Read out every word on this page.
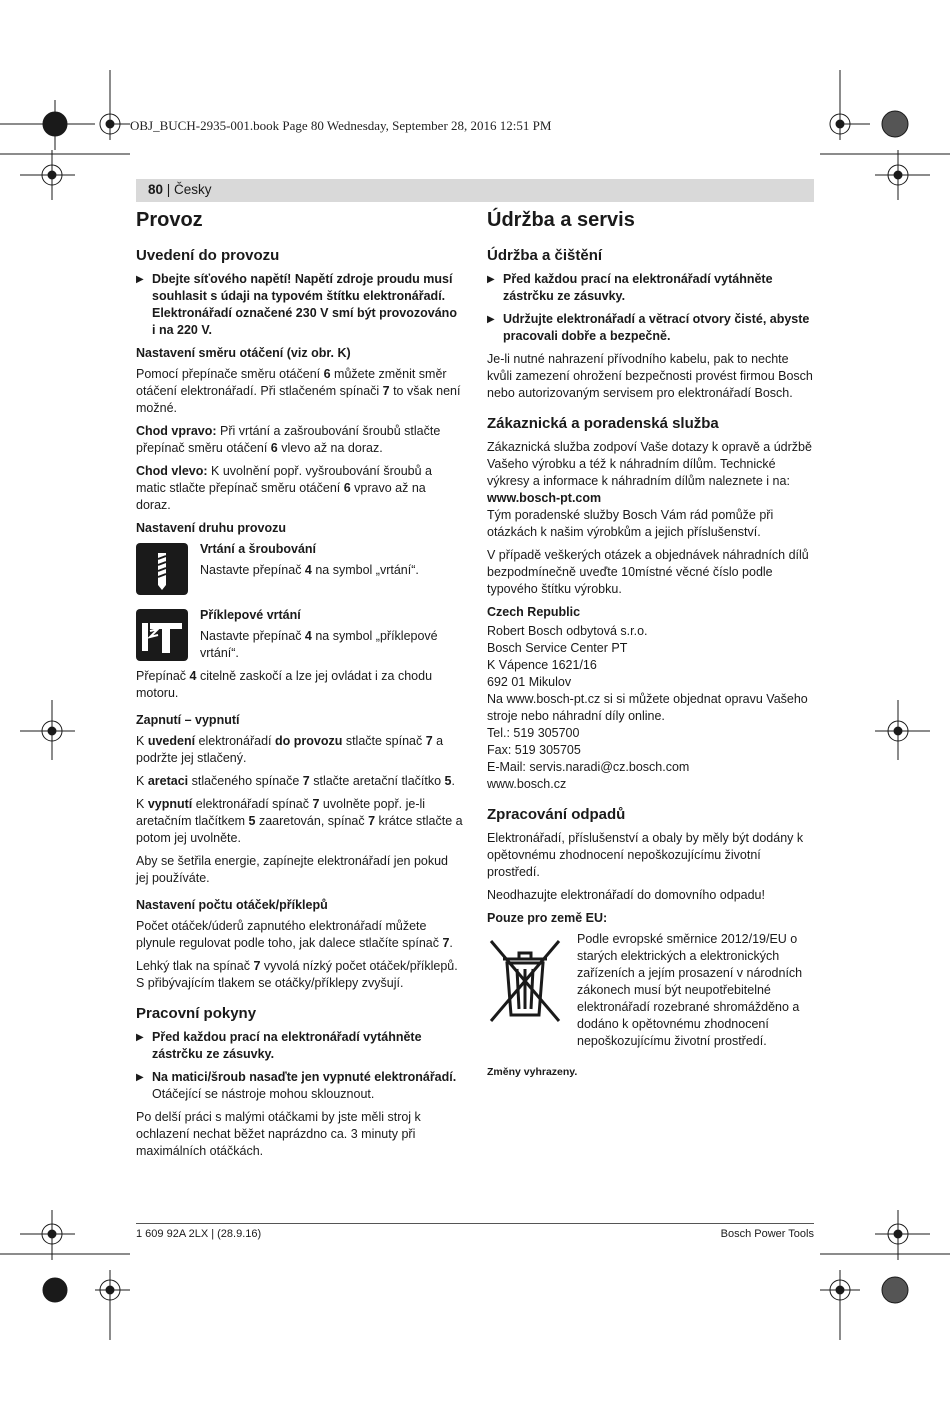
OBJ_BUCH-2935-001.book Page 80 Wednesday, September 28, 2016 12:51 PM
80 | Česky
Provoz
Uvedení do provozu
▶ Dbejte síťového napětí! Napětí zdroje proudu musí souhlasit s údaji na typovém štítku elektronářadí. Elektronářadí označené 230 V smí být provozováno i na 220 V.
Nastavení směru otáčení (viz obr. K)

Pomocí přepínače směru otáčení 6 můžete změnit směr otáčení elektronářadí. Při stlačeném spínači 7 to však není možné.

Chod vpravo: Při vrtání a zašroubování šroubů stlačte přepínač směru otáčení 6 vlevo až na doraz.

Chod vlevo: K uvolnění popř. vyšroubování šroubů a matic stlačte přepínač směru otáčení 6 vpravo až na doraz.

Nastavení druhu provozu
Vrtání a šroubování
Nastavte přepínač 4 na symbol „vrtání“.
Příklepové vrtání
Nastavte přepínač 4 na symbol „příklepové vrtání“.

Přepínač 4 citelně zaskočí a lze jej ovládat i za chodu motoru.

Zapnutí – vypnutí

K uvedení elektronářadí do provozu stlačte spínač 7 a podržte jej stlačený.

K aretaci stlačeného spínače 7 stlačte aretační tlačítko 5.

K vypnutí elektronářadí spínač 7 uvolněte popř. je-li aretačním tlačítkem 5 zaaretován, spínač 7 krátce stlačte a potom jej uvolněte.

Aby se šetřila energie, zapínejte elektronářadí jen pokud jej používáte.

Nastavení počtu otáček/příklepů

Počet otáček/úderů zapnutého elektronářadí můžete plynule regulovat podle toho, jak dalece stlačíte spínač 7.

Lehký tlak na spínač 7 vyvolá nízký počet otáček/příklepů. S přibývajícím tlakem se otáčky/příklepy zvyšují.

Pracovní pokyny
▶ Před každou prací na elektronářadí vytáhněte zástrčku ze zásuvky.
▶ Na matici/šroub nasaďte jen vypnuté elektronářadí.
Otáčející se nástroje mohou sklouznout.

Po delší práci s malými otáčkami by jste měli stroj k ochlazení nechat běžet naprázdno ca. 3 minuty při maximálních otáčkách.

Údržba a servis
Údržba a čištění
▶ Před každou prací na elektronářadí vytáhněte zástrčku ze zásuvky.
▶ Udržujte elektronářadí a větrací otvory čisté, abyste pracovali dobře a bezpečně.

Je-li nutné nahrazení přívodního kabelu, pak to nechte kvůli zamezení ohrožení bezpečnosti provést firmou Bosch nebo autorizovaným servisem pro elektronářadí Bosch.

Zákaznická a poradenská služba

Zákaznická služba zodpoví Vaše dotazy k opravě a údržbě Vašeho výrobku a též k náhradním dílům. Technické výkresy a informace k náhradním dílům naleznete i na:

www.bosch-pt.com

Tým poradenské služby Bosch Vám rád pomůže při otázkách k našim výrobkům a jejich příslušenství.

V případě veškerých otázek a objednávek náhradních dílů bezpodmínečně uveďte 10místné věcné číslo podle typového štítku výrobku.

Czech Republic
Robert Bosch odbytová s.r.o.
Bosch Service Center PT
K Vápence 1621/16
692 01 Mikulov
Na www.bosch-pt.cz si si můžete objednat opravu Vašeho stroje nebo náhradní díly online.
Tel.: 519 305700
Fax: 519 305705
E-Mail: servis.naradi@cz.bosch.com
www.bosch.cz
Zpracování odpadů

Elektronářadí, příslušenství a obaly by měly být dodány k opětovnému zhodnocení nepoškozujícímu životní prostředí.

Neodhazujte elektronářadí do domovního odpadu!

Pouze pro země EU:
Podle evropské směrnice 2012/19/EU o starých elektrických a elektronických zařízeních a jejím prosazení v národních zákonech musí být neupotřebitelné elektronářadí rozebrané shromážděno a dodáno k opětovnému zhodnocení nepoškozujícímu životní prostředí.
Změny vyhrazeny.
1 609 92A 2LX | (28.9.16)	Bosch Power Tools
